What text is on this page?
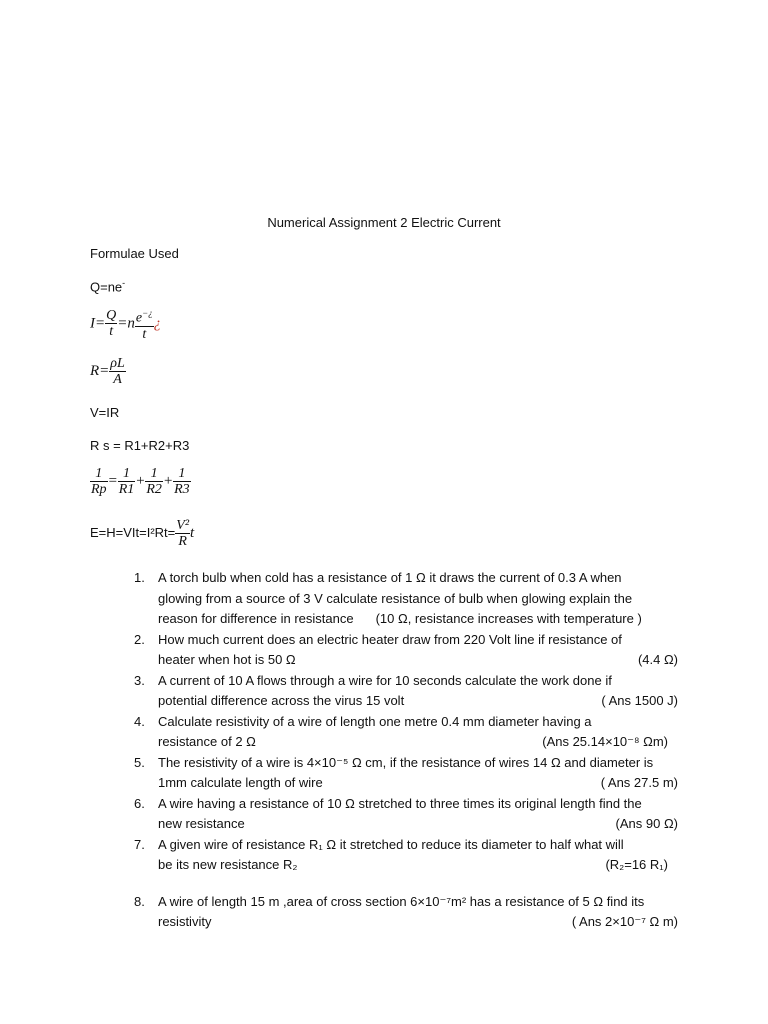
Numerical Assignment 2 Electric Current
Formulae Used
Q=ne-
$I= \frac{Q}{t} =n \frac{e^{-¿}}{t}$ ¿
$R= \frac{\rho L}{A}$
V=IR
R s = R1+R2+R3
$\frac{1}{Rp} = \frac{1}{R1} + \frac{1}{R2} + \frac{1}{R3}$
$E=H=VIt=I^2Rt= \frac{\text{V²}}{R}$ t
1. A torch bulb when cold has a resistance of 1 Ω it draws the current of 0.3 A when
glowing from a source of 3 V calculate resistance of bulb when glowing explain the
reason for difference in resistance (10 Ω, resistance increases with temperature )
2. How much current does an electric heater draw from 220 Volt line if resistance of
(4.4 Ω)
heater when hot is 50 Ω
3. A current of 10 A flows through a wire for 10 seconds calculate the work done if
( Ans 1500 J)
potential difference across the virus 15 volt
4. Calculate resistivity of a wire of length one metre 0.4 mm diameter having a
(Ans 25.14×10⁻⁸ Ωm)
resistance of 2 Ω
5. The resistivity of a wire is 4×10⁻⁵ Ω cm, if the resistance of wires 14 Ω and diameter is
( Ans 27.5 m)
1mm calculate length of wire
6. A wire having a resistance of 10 Ω stretched to three times its original length find the
(Ans 90 Ω)
new resistance
7. A given wire of resistance R₁ Ω it stretched to reduce its diameter to half what will
(R₂=16 R₁)
be its new resistance R₂
8. A wire of length 15 m ,area of cross section 6×10⁻⁷m² has a resistance of 5 Ω find its
( Ans 2×10⁻⁷ Ω m)
resistivity
